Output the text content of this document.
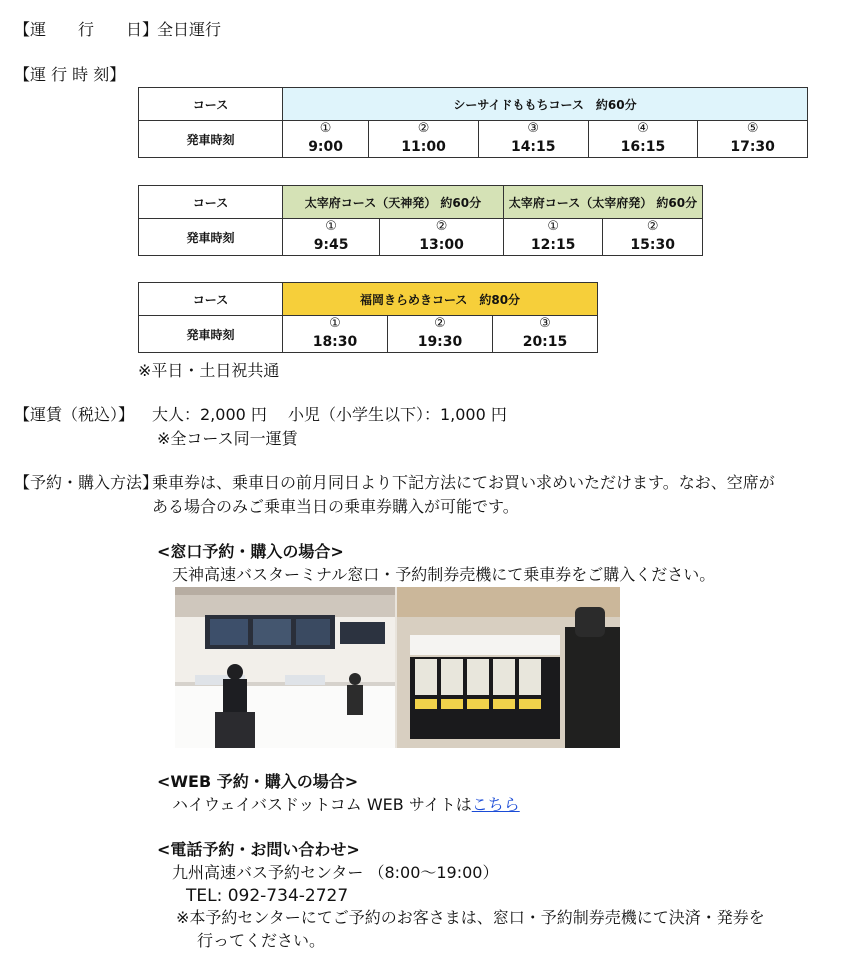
【運　　行　　日】
全日運行
【運 行 時 刻】
コース	シーサイドももちコース　約60分				
発車時刻	①	②	③	④	⑤
	9:00	11:00	14:15	16:15	17:30
コース	太宰府コース（天神発） 約60分		太宰府コース（太宰府発） 約60分	
発車時刻	①	②	①	②
	9:45	13:00	12:15	15:30
コース	福岡きらめきコース　約80分		
発車時刻	①	②	③
	18:30	19:30	20:15
※平日・土日祝共通
【運賃（税込）】 大人：2,000 円　 小児（小学生以下）：1,000 円
※全コース同一運賃
【予約・購入方法】
乗車券は、乗車日の前月同日より下記方法にてお買い求めいただけます。なお、空席が
ある場合のみご乗車当日の乗車券購入が可能です。
<窓口予約・購入の場合>
天神高速バスターミナル窓口・予約制券売機にて乗車券をご購入ください。
<WEB 予約・購入の場合>
ハイウェイバスドットコム WEB サイトはこちら
<電話予約・お問い合わせ>
九州高速バス予約センター （8:00～19:00）
TEL: 092-734-2727
※本予約センターにてご予約のお客さまは、窓口・予約制券売機にて決済・発券を
行ってください。
